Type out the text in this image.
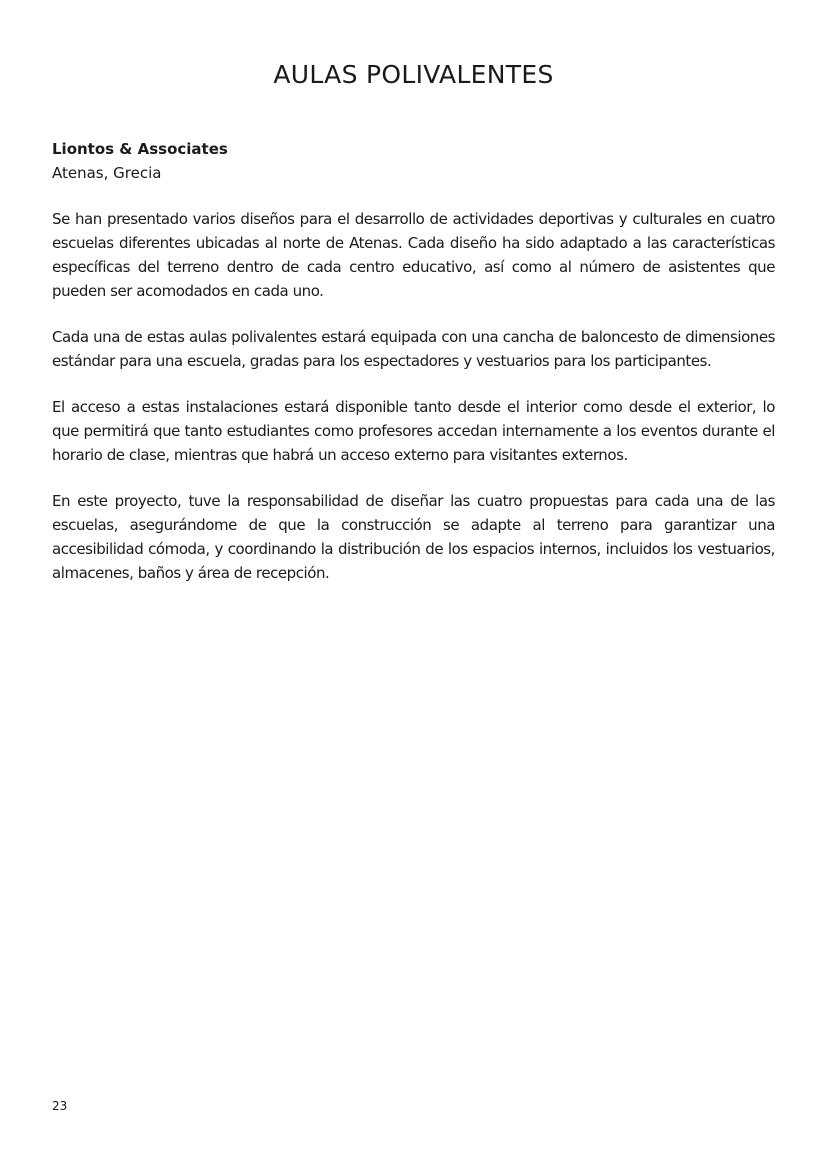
AULAS POLIVALENTES

Liontos & Associates
Atenas, Grecia

Se han presentado varios diseños para el desarrollo de actividades deportivas y culturales en cuatro escuelas diferentes ubicadas al norte de Atenas. Cada diseño ha sido adaptado a las características específicas del terreno dentro de cada centro educativo, así como al número de asistentes que pueden ser acomodados en cada uno.

Cada una de estas aulas polivalentes estará equipada con una cancha de baloncesto de dimensiones estándar para una escuela, gradas para los espectadores y vestuarios para los participantes.

El acceso a estas instalaciones estará disponible tanto desde el interior como desde el exterior, lo que permitirá que tanto estudiantes como profesores accedan internamente a los eventos durante el horario de clase, mientras que habrá un acceso externo para visitantes externos.

En este proyecto, tuve la responsabilidad de diseñar las cuatro propuestas para cada una de las escuelas, asegurándome de que la construcción se adapte al terreno para garantizar una accesibilidad cómoda, y coordinando la distribución de los espacios internos, incluidos los vestuarios, almacenes, baños y área de recepción.

23
